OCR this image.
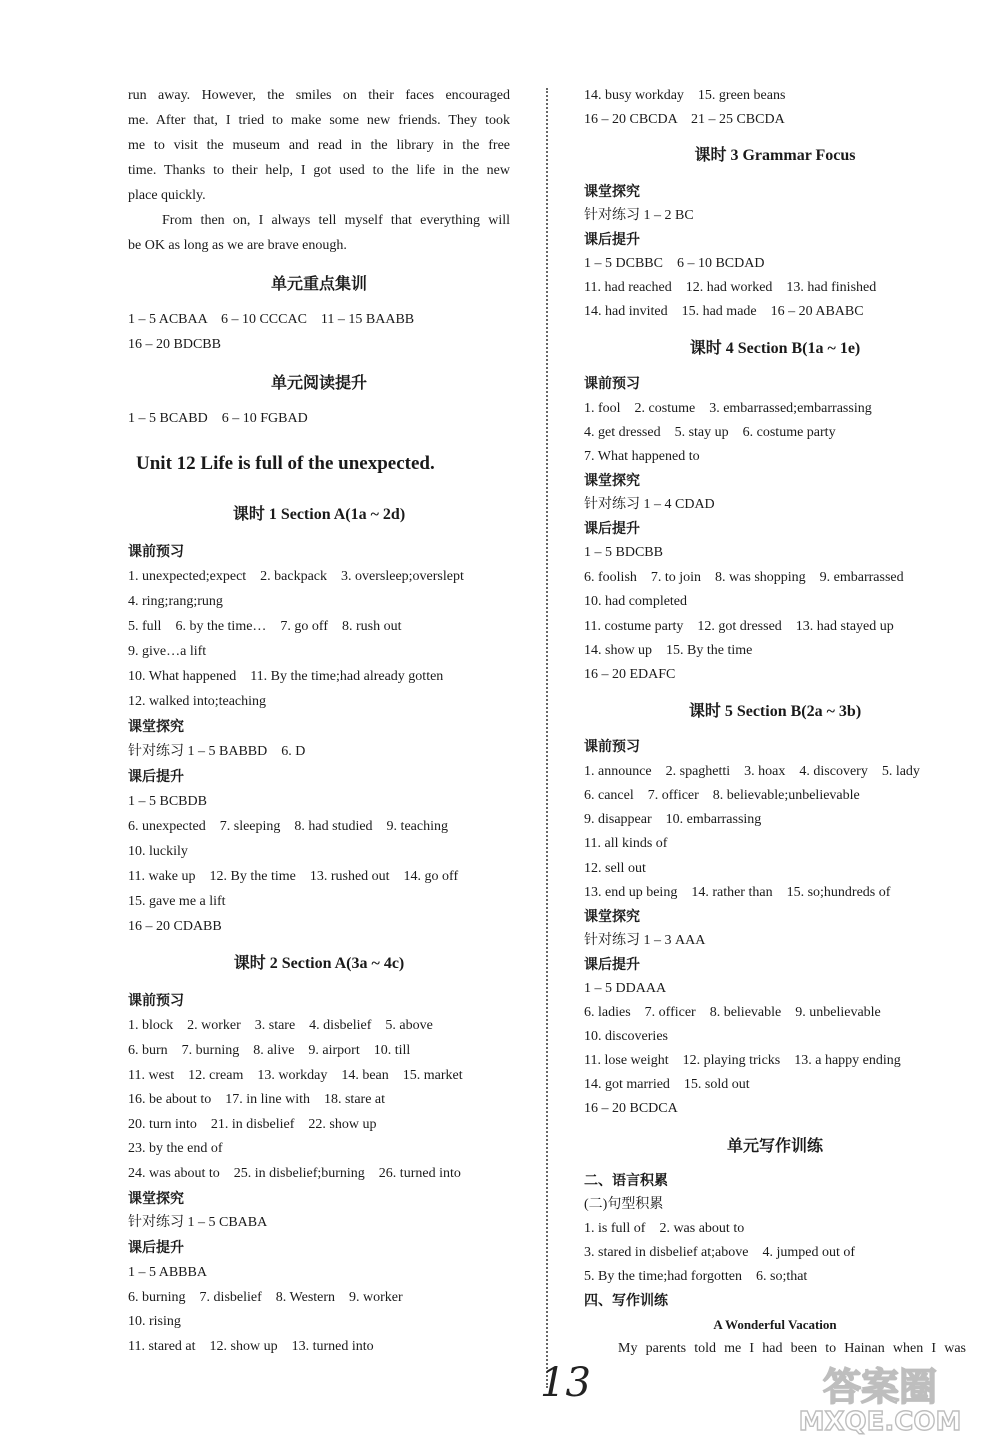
run away. However, the smiles on their faces encouraged
me. After that, I tried to make some new friends. They took
me to visit the museum and read in the library in the free
time. Thanks to their help, I got used to the life in the new
place quickly.
From then on, I always tell myself that everything will
be OK as long as we are brave enough.
单元重点集训
1 – 5 ACBAA    6 – 10 CCCAC    11 – 15 BAABB
16 – 20 BDCBB
单元阅读提升
1 – 5 BCABD    6 – 10 FGBAD
Unit 12 Life is full of the unexpected.
课时 1 Section A(1a ~ 2d)
课前预习
1. unexpected;expect    2. backpack    3. oversleep;overslept
4. ring;rang;rung
5. full    6. by the time…    7. go off    8. rush out
9. give…a lift
10. What happened    11. By the time;had already gotten
12. walked into;teaching
课堂探究
针对练习 1 – 5 BABBD    6. D
课后提升
1 – 5 BCBDB
6. unexpected    7. sleeping    8. had studied    9. teaching
10. luckily
11. wake up    12. By the time    13. rushed out    14. go off
15. gave me a lift
16 – 20 CDABB
课时 2 Section A(3a ~ 4c)
课前预习
1. block    2. worker    3. stare    4. disbelief    5. above
6. burn    7. burning    8. alive    9. airport    10. till
11. west    12. cream    13. workday    14. bean    15. market
16. be about to    17. in line with    18. stare at
20. turn into    21. in disbelief    22. show up
23. by the end of
24. was about to    25. in disbelief;burning    26. turned into
课堂探究
针对练习 1 – 5 CBABA
课后提升
1 – 5 ABBBA
6. burning    7. disbelief    8. Western    9. worker
10. rising
11. stared at    12. show up    13. turned into
14. busy workday    15. green beans
16 – 20 CBCDA    21 – 25 CBCDA
课时 3 Grammar Focus
课堂探究
针对练习 1 – 2 BC
课后提升
1 – 5 DCBBC    6 – 10 BCDAD
11. had reached    12. had worked    13. had finished
14. had invited    15. had made    16 – 20 ABABC
课时 4 Section B(1a ~ 1e)
课前预习
1. fool    2. costume    3. embarrassed;embarrassing
4. get dressed    5. stay up    6. costume party
7. What happened to
课堂探究
针对练习 1 – 4 CDAD
课后提升
1 – 5 BDCBB
6. foolish    7. to join    8. was shopping    9. embarrassed
10. had completed
11. costume party    12. got dressed    13. had stayed up
14. show up    15. By the time
16 – 20 EDAFC
课时 5 Section B(2a ~ 3b)
课前预习
1. announce    2. spaghetti    3. hoax    4. discovery    5. lady
6. cancel    7. officer    8. believable;unbelievable
9. disappear    10. embarrassing
11. all kinds of
12. sell out
13. end up being    14. rather than    15. so;hundreds of
课堂探究
针对练习 1 – 3 AAA
课后提升
1 – 5 DDAAA
6. ladies    7. officer    8. believable    9. unbelievable
10. discoveries
11. lose weight    12. playing tricks    13. a happy ending
14. got married    15. sold out
16 – 20 BCDCA
单元写作训练
二、语言积累
(二)句型积累
1. is full of    2. was about to
3. stared in disbelief at;above    4. jumped out of
5. By the time;had forgotten    6. so;that
四、写作训练
A Wonderful Vacation
My parents told me I had been to Hainan when I was
13	答案圈
MXQE.COM
